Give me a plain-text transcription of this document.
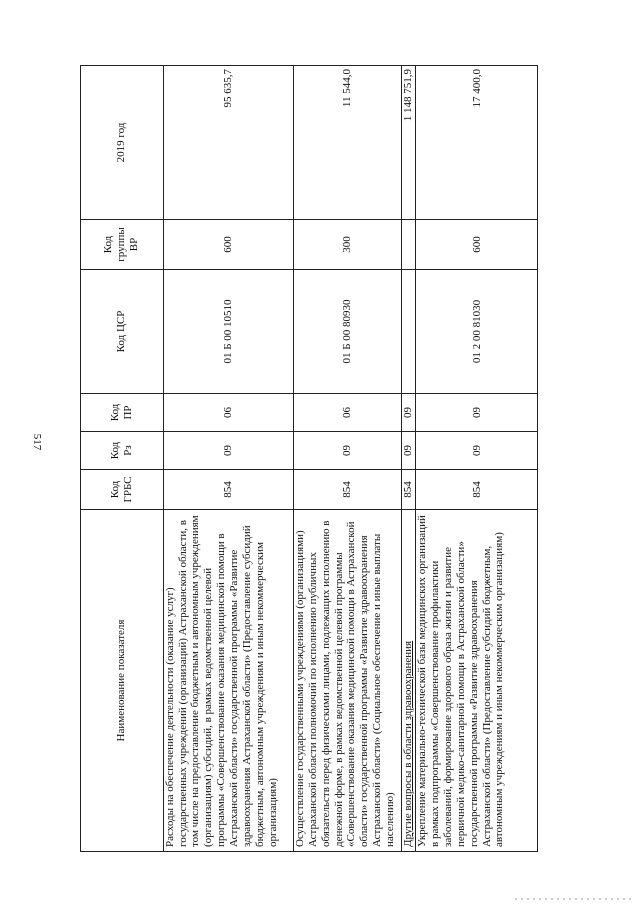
517
Наименование показателя	Код ГРБС	Код Рз	Код ПР	Код ЦСР	Код группы ВР	2019 год
Расходы на обеспечение деятельности (оказание услуг) государственных учреждений (организаций) Астраханской области, в том числе на предоставление бюджетным и автономным учреждениям (организациям) субсидий, в рамках ведомственной целевой программы «Совершенствование оказания медицинской помощи в Астраханской области» государственной программы «Развитие здравоохранения Астраханской области» (Предоставление субсидий бюджетным, автономным учреждениям и иным некоммерческим организациям)	854	09	06	01 Б 00 10510	600	95 635,7
Осуществление государственными учреждениями (организациями) Астраханской области полномочий по исполнению публичных обязательств перед физическими лицами, подлежащих исполнению в денежной форме, в рамках ведомственной целевой программы «Совершенствование оказания медицинской помощи в Астраханской области» государственной программы «Развитие здравоохранения Астраханской области» (Социальное обеспечение и иные выплаты населению)	854	09	06	01 Б 00 80930	300	11 544,0
Другие вопросы в области здравоохранения	854	09	09			1 148 751,9
Укрепление материально-технической базы медицинских организаций в рамках подпрограммы «Совершенствование профилактики заболеваний, формирование здорового образа жизни и развитие первичной медико-санитарной помощи в Астраханской области» государственной программы «Развитие здравоохранения Астраханской области» (Предоставление субсидий бюджетным, автономным учреждениям и иным некоммерческим организациям)	854	09	09	01 2 00 81030	600	17 400,0
